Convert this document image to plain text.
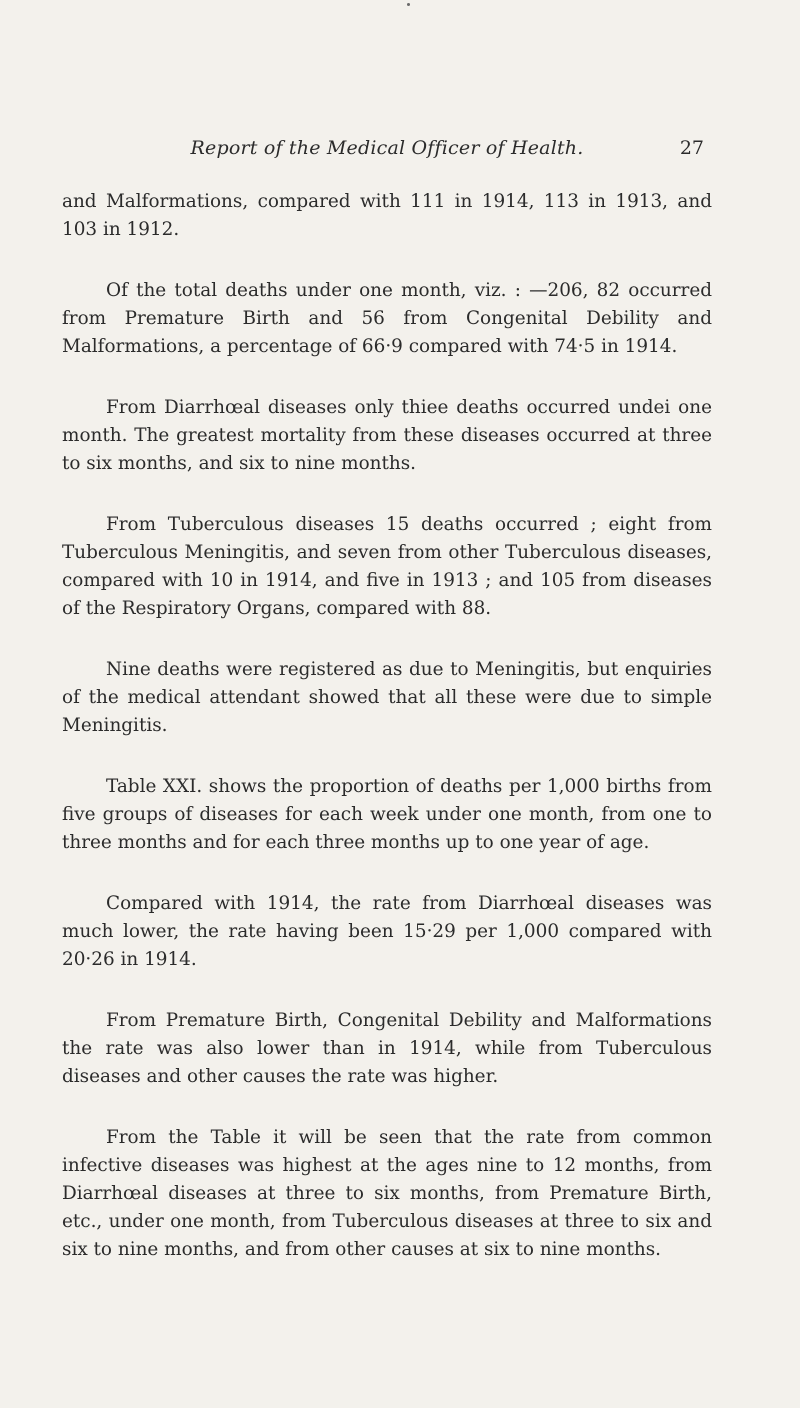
Report of the Medical Officer of Health.	27

and Malformations, compared with 111 in 1914, 113 in 1913, and 103 in 1912.

Of the total deaths under one month, viz. : —206, 82 occurred from Premature Birth and 56 from Congenital Debility and Malformations, a percentage of 66·9 compared with 74·5 in 1914.

From Diarrhœal diseases only thiee deaths occurred undei one month. The greatest mortality from these diseases occurred at three to six months, and six to nine months.

From Tuberculous diseases 15 deaths occurred ; eight from Tuberculous Meningitis, and seven from other Tuberculous diseases, compared with 10 in 1914, and five in 1913 ; and 105 from diseases of the Respiratory Organs, compared with 88.

Nine deaths were registered as due to Meningitis, but enquiries of the medical attendant showed that all these were due to simple Meningitis.

Table XXI. shows the proportion of deaths per 1,000 births from five groups of diseases for each week under one month, from one to three months and for each three months up to one year of age.

Compared with 1914, the rate from Diarrhœal diseases was much lower, the rate having been 15·29 per 1,000 compared with 20·26 in 1914.

From Premature Birth, Congenital Debility and Malformations the rate was also lower than in 1914, while from Tuberculous diseases and other causes the rate was higher.

From the Table it will be seen that the rate from common infective diseases was highest at the ages nine to 12 months, from Diarrhœal diseases at three to six months, from Premature Birth, etc., under one month, from Tuberculous diseases at three to six and six to nine months, and from other causes at six to nine months.
